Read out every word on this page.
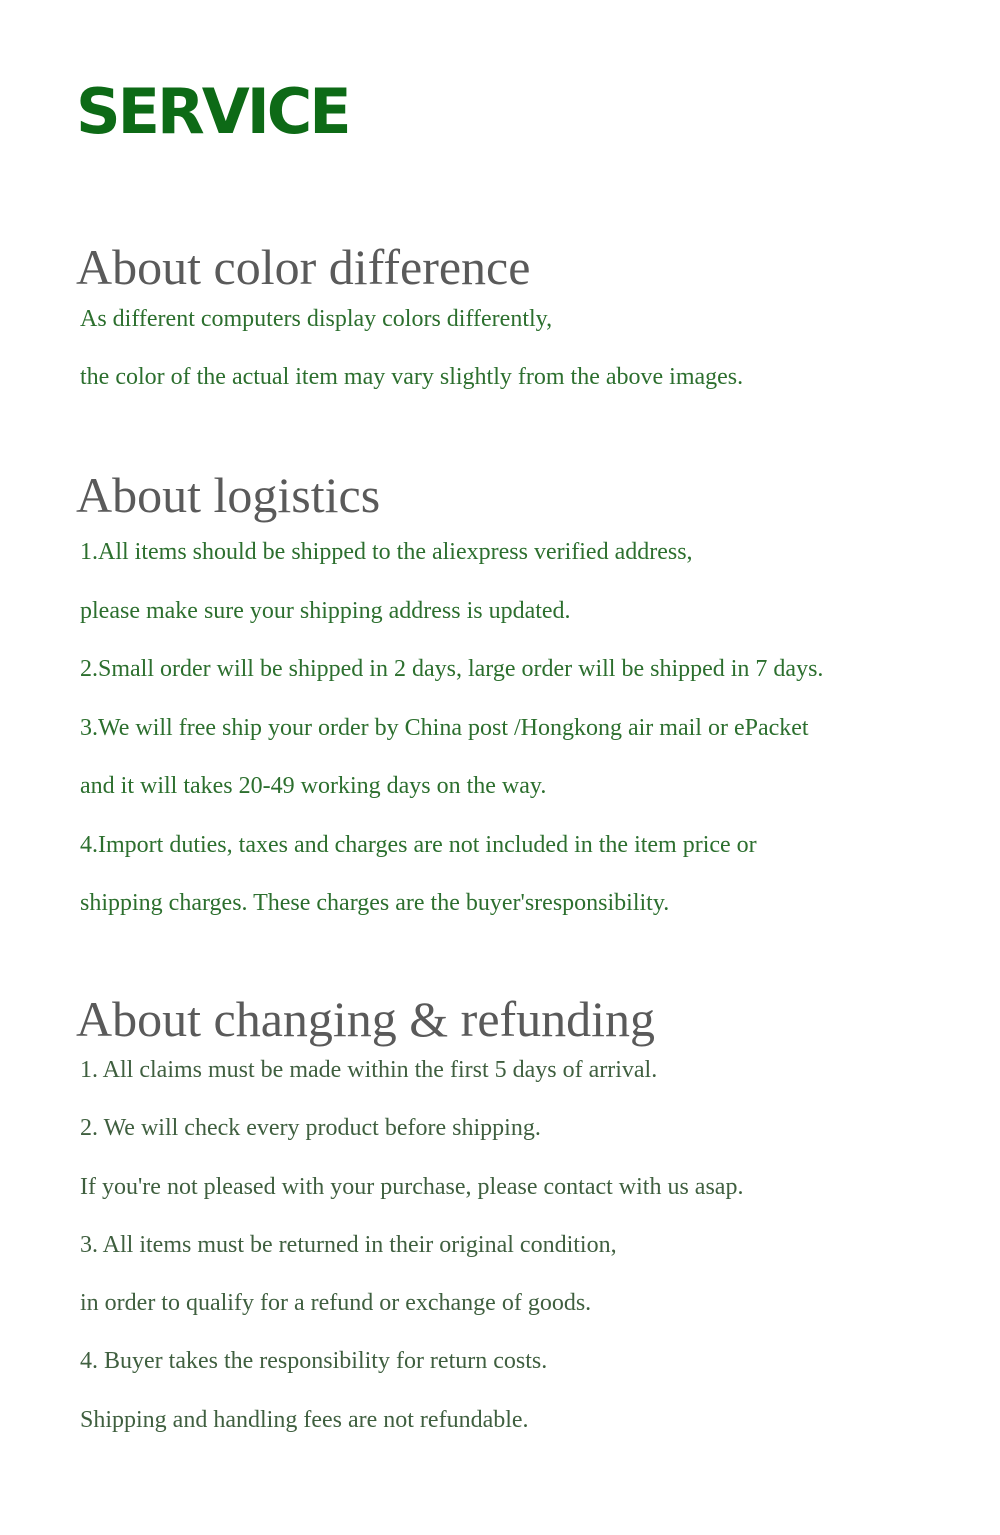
SERVICE
About color difference
As different computers display colors differently,
the color of the actual item may vary slightly from the above images.
About logistics
1.All items should be shipped to the aliexpress verified address,
please make sure your shipping address is updated.
2.Small order will be shipped in 2 days, large order will be shipped in 7 days.
3.We will free ship your order by China post /Hongkong air mail or ePacket
and it will takes 20-49 working days on the way.
4.Import duties, taxes and charges are not included in the item price or
shipping charges. These charges are the buyer'sresponsibility.
About changing & refunding
1. All claims must be made within the first 5 days of arrival.
2. We will check every product before shipping.
If you're not pleased with your purchase, please contact with us asap.
3. All items must be returned in their original condition,
in order to qualify for a refund or exchange of goods.
4. Buyer takes the responsibility for return costs.
Shipping and handling fees are not refundable.
